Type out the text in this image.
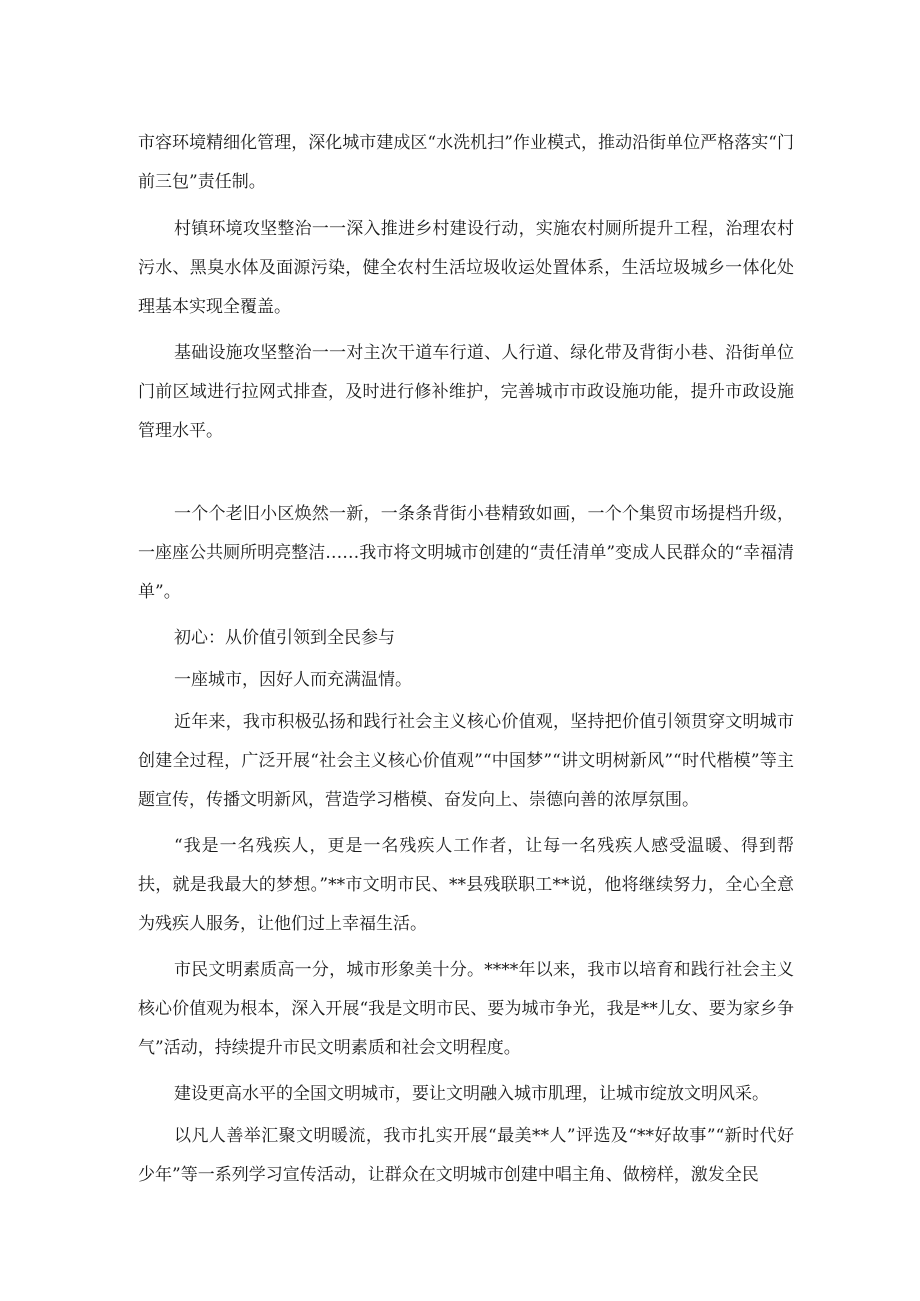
市容环境精细化管理，深化城市建成区“水洗机扫”作业模式，推动沿街单位严格落实“门前三包”责任制。

村镇环境攻坚整治一一深入推进乡村建设行动，实施农村厕所提升工程，治理农村污水、黑臭水体及面源污染，健全农村生活垃圾收运处置体系，生活垃圾城乡一体化处理基本实现全覆盖。

基础设施攻坚整治一一对主次干道车行道、人行道、绿化带及背街小巷、沿街单位门前区域进行拉网式排查，及时进行修补维护，完善城市市政设施功能，提升市政设施管理水平。

一个个老旧小区焕然一新，一条条背街小巷精致如画，一个个集贸市场提档升级，一座座公共厕所明亮整洁……我市将文明城市创建的“责任清单”变成人民群众的“幸福清单”。

初心：从价值引领到全民参与

一座城市，因好人而充满温情。

近年来，我市积极弘扬和践行社会主义核心价值观，坚持把价值引领贯穿文明城市创建全过程，广泛开展“社会主义核心价值观”“中国梦”“讲文明树新风”“时代楷模”等主题宣传，传播文明新风，营造学习楷模、奋发向上、崇德向善的浓厚氛围。

“我是一名残疾人，更是一名残疾人工作者，让每一名残疾人感受温暖、得到帮扶，就是我最大的梦想。”**市文明市民、**县残联职工**说，他将继续努力，全心全意为残疾人服务，让他们过上幸福生活。

市民文明素质高一分，城市形象美十分。****年以来，我市以培育和践行社会主义核心价值观为根本，深入开展“我是文明市民、要为城市争光，我是**儿女、要为家乡争气”活动，持续提升市民文明素质和社会文明程度。

建设更高水平的全国文明城市，要让文明融入城市肌理，让城市绽放文明风采。

以凡人善举汇聚文明暖流，我市扎实开展“最美**人”评选及“**好故事”“新时代好少年”等一系列学习宣传活动，让群众在文明城市创建中唱主角、做榜样，激发全民
